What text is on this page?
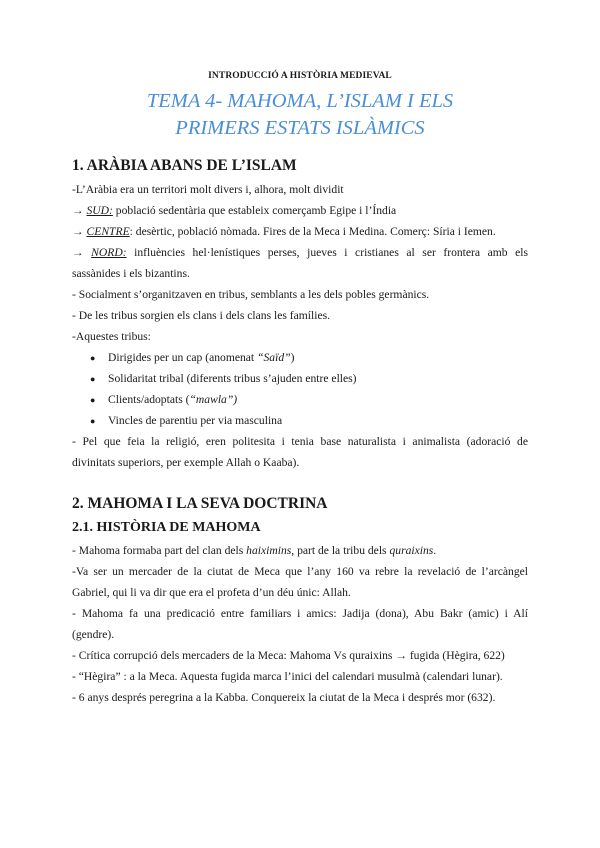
INTRODUCCIÓ A HISTÒRIA MEDIEVAL
TEMA 4- MAHOMA, L’ISLAM I ELS
PRIMERS ESTATS ISLÀMICS
1. ARÀBIA ABANS DE L’ISLAM
-L’Aràbia era un territori molt divers i, alhora, molt dividit
→ SUD: població sedentària que estableix comerçamb Egipe i l’Índia
→ CENTRE: desèrtic, població nòmada. Fires de la Meca i Medina. Comerç: Síria i Iemen.
→ NORD: influències hel·lenístiques perses, jueves i cristianes al ser frontera amb els
sassànides i els bizantins.
- Socialment s’organitzaven en tribus, semblants a les dels pobles germànics.
- De les tribus sorgien els clans i dels clans les famílies.
-Aquestes tribus:
● Dirigides per un cap (anomenat “Saïd”)
● Solidaritat tribal (diferents tribus s’ajuden entre elles)
● Clients/adoptats (“mawla”)
● Vincles de parentiu per via masculina
- Pel que feia la religió, eren politesita i tenia base naturalista i animalista (adoració de
divinitats superiors, per exemple Allah o Kaaba).
2. MAHOMA I LA SEVA DOCTRINA
2.1. HISTÒRIA DE MAHOMA
- Mahoma formaba part del clan dels haiximins, part de la tribu dels quraixins.
-Va ser un mercader de la ciutat de Meca que l’any 160 va rebre la revelació de l’arcàngel
Gabriel, qui li va dir que era el profeta d’un déu únic: Allah.
- Mahoma fa una predicació entre familiars i amics: Jadija (dona), Abu Bakr (amic) i Alí
(gendre).
- Crítica corrupció dels mercaders de la Meca: Mahoma Vs quraixins → fugida (Hègira, 622)
- “Hègira” : a la Meca. Aquesta fugida marca l’inici del calendari musulmà (calendari lunar).
- 6 anys després peregrina a la Kabba. Conquereix la ciutat de la Meca i després mor (632).
